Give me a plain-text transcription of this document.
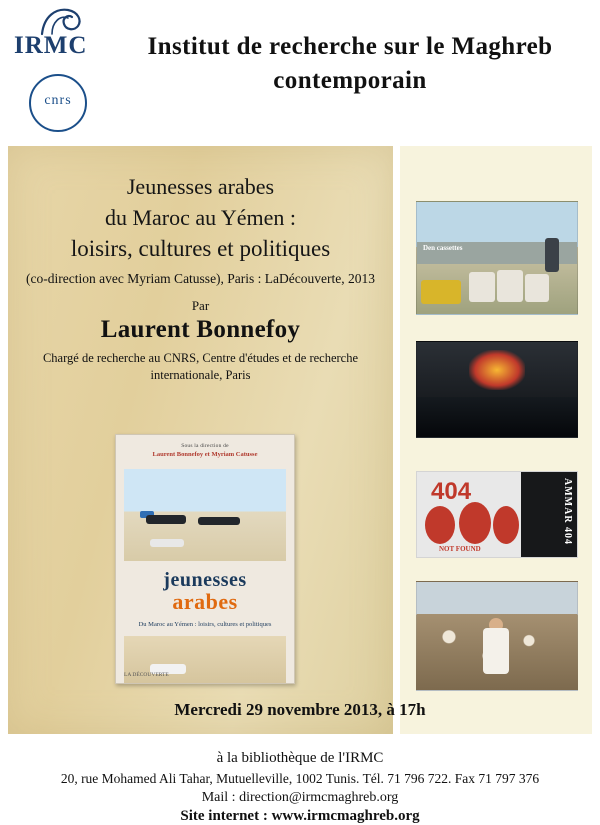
IRMC
cnrs
Institut de recherche sur le Maghreb
contemporain
Jeunesses arabes
du Maroc au Yémen :
loisirs, cultures et politiques
(co-direction avec Myriam Catusse), Paris : LaDécouverte, 2013
Par
Laurent Bonnefoy
Chargé de recherche au CNRS, Centre d'études et de recherche internationale, Paris
Sous la direction de
Laurent Bonnefoy et Myriam Catusse
jeunesses
arabes
Du Maroc au Yémen : loisirs, cultures et politiques
LA DÉCOUVERTE
Den cassettes
404
NOT FOUND
AMMAR 404
Mercredi 29 novembre 2013, à 17h
à la bibliothèque de l'IRMC
20, rue Mohamed Ali Tahar, Mutuelleville, 1002 Tunis. Tél. 71 796 722. Fax 71 797 376
Mail : direction@irmcmaghreb.org
Site internet : www.irmcmaghreb.org
